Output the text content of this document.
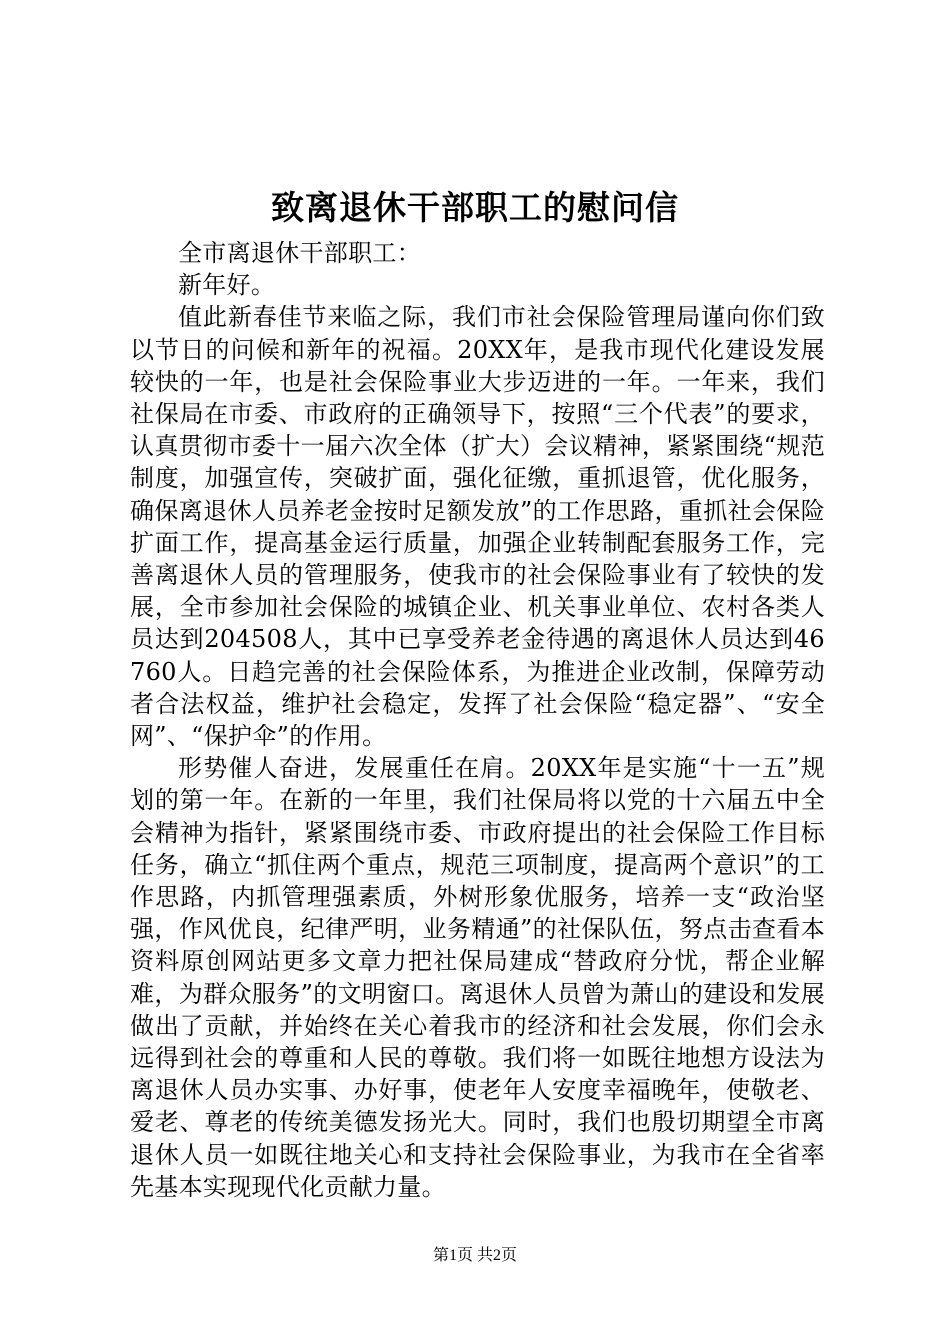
致离退休干部职工的慰问信

全市离退休干部职工：

新年好。

值此新春佳节来临之际，我们市社会保险管理局谨向你们致以节日的问候和新年的祝福。20XX年，是我市现代化建设发展较快的一年，也是社会保险事业大步迈进的一年。一年来，我们社保局在市委、市政府的正确领导下，按照“三个代表”的要求，认真贯彻市委十一届六次全体（扩大）会议精神，紧紧围绕“规范制度，加强宣传，突破扩面，强化征缴，重抓退管，优化服务，确保离退休人员养老金按时足额发放”的工作思路，重抓社会保险扩面工作，提高基金运行质量，加强企业转制配套服务工作，完善离退休人员的管理服务，使我市的社会保险事业有了较快的发展，全市参加社会保险的城镇企业、机关事业单位、农村各类人员达到204508人，其中已享受养老金待遇的离退休人员达到46760人。日趋完善的社会保险体系，为推进企业改制，保障劳动者合法权益，维护社会稳定，发挥了社会保险“稳定器”、“安全网”、“保护伞”的作用。

形势催人奋进，发展重任在肩。20XX年是实施“十一五”规划的第一年。在新的一年里，我们社保局将以党的十六届五中全会精神为指针，紧紧围绕市委、市政府提出的社会保险工作目标任务，确立“抓住两个重点，规范三项制度，提高两个意识”的工作思路，内抓管理强素质，外树形象优服务，培养一支“政治坚强，作风优良，纪律严明，业务精通”的社保队伍，努点击查看本资料原创网站更多文章力把社保局建成“替政府分忧，帮企业解难，为群众服务”的文明窗口。离退休人员曾为萧山的建设和发展做出了贡献，并始终在关心着我市的经济和社会发展，你们会永远得到社会的尊重和人民的尊敬。我们将一如既往地想方设法为离退休人员办实事、办好事，使老年人安度幸福晚年，使敬老、爱老、尊老的传统美德发扬光大。同时，我们也殷切期望全市离退休人员一如既往地关心和支持社会保险事业，为我市在全省率先基本实现现代化贡献力量。

第1页 共2页
